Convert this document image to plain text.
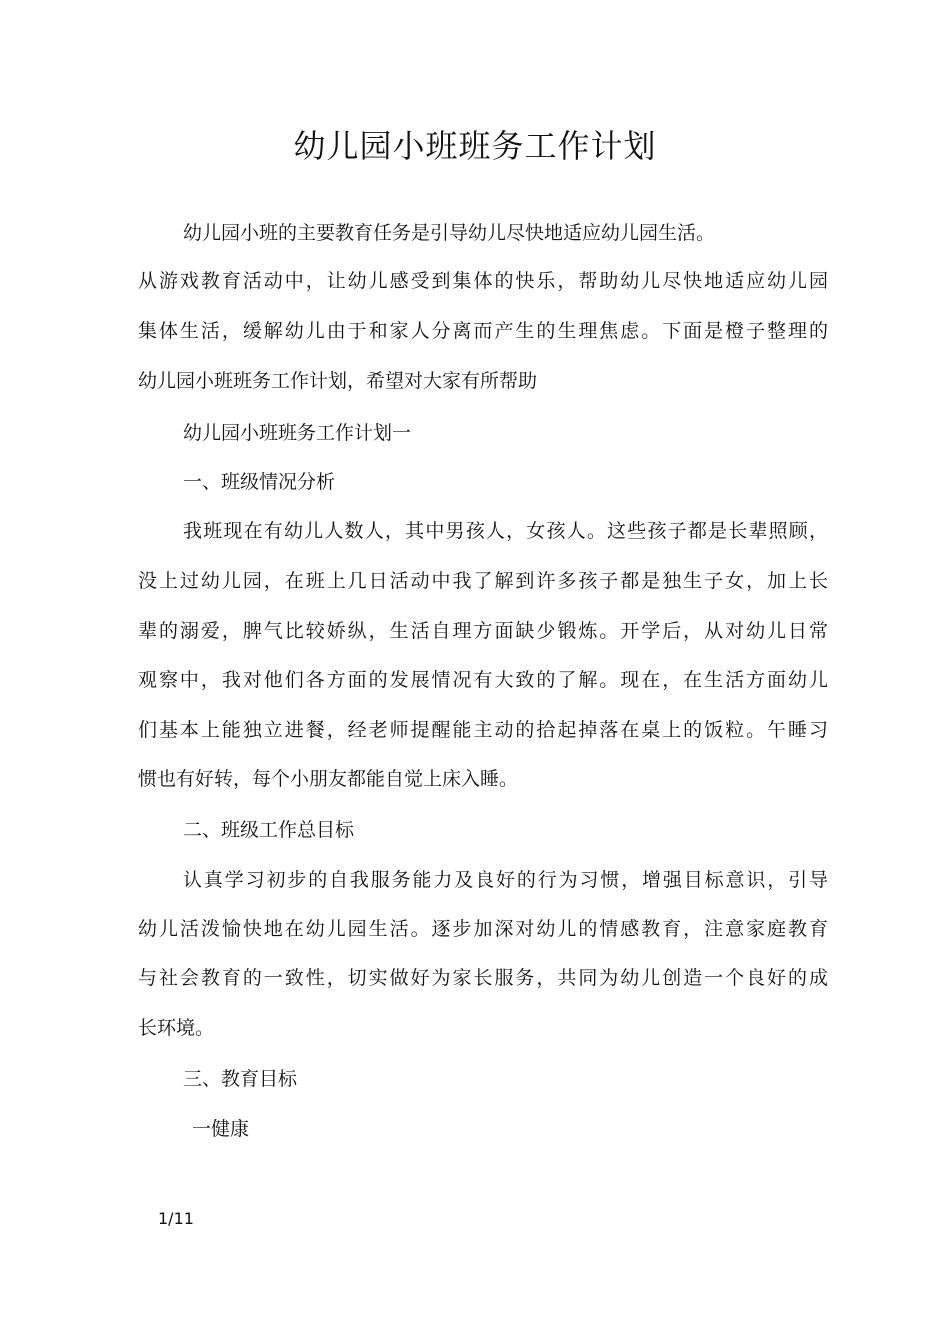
幼儿园小班班务工作计划

幼儿园小班的主要教育任务是引导幼儿尽快地适应幼儿园生活。

从游戏教育活动中，让幼儿感受到集体的快乐，帮助幼儿尽快地适应幼儿园

集体生活，缓解幼儿由于和家人分离而产生的生理焦虑。下面是橙子整理的

幼儿园小班班务工作计划，希望对大家有所帮助

幼儿园小班班务工作计划一

一、班级情况分析

我班现在有幼儿人数人，其中男孩人，女孩人。这些孩子都是长辈照顾，

没上过幼儿园，在班上几日活动中我了解到许多孩子都是独生子女，加上长

辈的溺爱，脾气比较娇纵，生活自理方面缺少锻炼。开学后，从对幼儿日常

观察中，我对他们各方面的发展情况有大致的了解。现在，在生活方面幼儿

们基本上能独立进餐，经老师提醒能主动的拾起掉落在桌上的饭粒。午睡习

惯也有好转，每个小朋友都能自觉上床入睡。

二、班级工作总目标

认真学习初步的自我服务能力及良好的行为习惯，增强目标意识，引导

幼儿活泼愉快地在幼儿园生活。逐步加深对幼儿的情感教育，注意家庭教育

与社会教育的一致性，切实做好为家长服务，共同为幼儿创造一个良好的成

长环境。

三、教育目标

一健康

1/11
